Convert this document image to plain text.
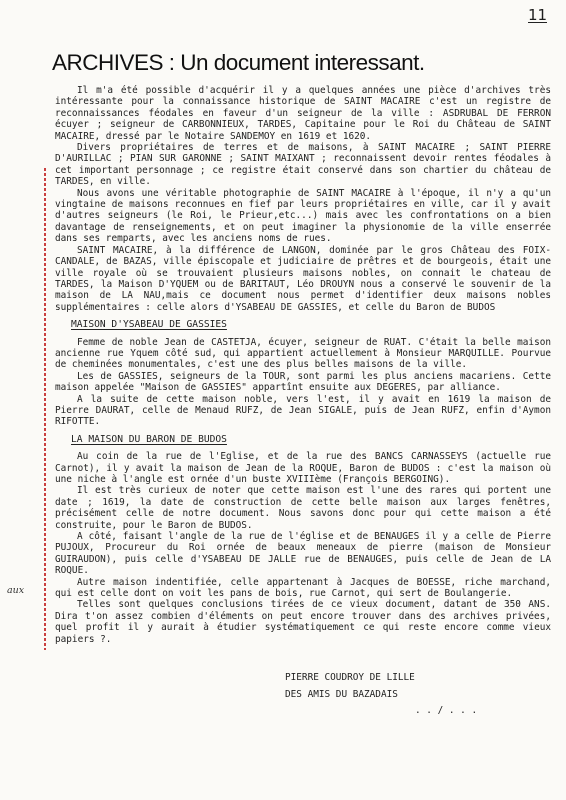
11
ARCHIVES : Un document interessant.
aux

Il m'a été possible d'acquérir il y a quelques années une pièce d'archives très intéressante pour la connaissance historique de SAINT MACAIRE c'est un registre de reconnaissances féodales en faveur d'un seigneur de la ville : ASDRUBAL DE FERRON écuyer ; seigneur de CARBONNIEUX, TARDES, Capitaine pour le Roi du Château de SAINT MACAIRE, dressé par le Notaire SANDEMOY en 1619 et 1620.

Divers propriétaires de terres et de maisons, à SAINT MACAIRE ; SAINT PIERRE D'AURILLAC ; PIAN SUR GARONNE ; SAINT MAIXANT ; reconnaissent devoir rentes féodales à cet important personnage ; ce registre était conservé dans son chartier du château de TARDES, en ville.

Nous avons une véritable photographie de SAINT MACAIRE à l'époque, il n'y a qu'un vingtaine de maisons reconnues en fief par leurs propriétaires en ville, car il y avait d'autres seigneurs (le Roi, le Prieur,etc...) mais avec les confrontations on a bien davantage de renseignements, et on peut imaginer la physionomie de la ville enserrée dans ses remparts, avec les anciens noms de rues.

SAINT MACAIRE, à la différence de LANGON, dominée par le gros Château des FOIX-CANDALE, de BAZAS, ville épiscopale et judiciaire de prêtres et de bourgeois, était une ville royale où se trouvaient plusieurs maisons nobles, on connait le chateau de TARDES, la Maison D'YQUEM ou de BARITAUT, Léo DROUYN nous a conservé le souvenir de la maison de LA NAU,mais ce document nous permet d'identifier deux maisons nobles supplémentaires : celle alors d'YSABEAU DE GASSIES, et celle du Baron de BUDOS

MAISON D'YSABEAU DE GASSIES

Femme de noble Jean de CASTETJA, écuyer, seigneur de RUAT. C'était la belle maison ancienne rue Yquem côté sud, qui appartient actuellement à Monsieur MARQUILLE. Pourvue de cheminées monumentales, c'est une des plus belles maisons de la ville.

Les de GASSIES, seigneurs de la TOUR, sont parmi les plus anciens macariens. Cette maison appelée "Maison de GASSIES" appartînt ensuite aux DEGERES, par alliance.

A la suite de cette maison noble, vers l'est, il y avait en 1619 la maison de Pierre DAURAT, celle de Menaud RUFZ, de Jean SIGALE, puis de Jean RUFZ, enfin d'Aymon RIFOTTE.

LA MAISON DU BARON DE BUDOS

Au coin de la rue de l'Eglise, et de la rue des BANCS CARNASSEYS (actuelle rue Carnot), il y avait la maison de Jean de la ROQUE, Baron de BUDOS : c'est la maison où une niche à l'angle est ornée d'un buste XVIIIème (François BERGOING).

Il est très curieux de noter que cette maison est l'une des rares qui portent une date ; 1619, la date de construction de cette belle maison aux larges fenêtres, précisément celle de notre document. Nous savons donc pour qui cette maison a été construite, pour le Baron de BUDOS.

A côté, faisant l'angle de la rue de l'église et de BENAUGES il y a celle de Pierre PUJOUX, Procureur du Roi ornée de beaux meneaux de pierre (maison de Monsieur GUIRAUDON), puis celle d'YSABEAU DE JALLE rue de BENAUGES, puis celle de Jean de LA ROQUE.

Autre maison indentifiée, celle appartenant à Jacques de BOESSE, riche marchand, qui est celle dont on voit les pans de bois, rue Carnot, qui sert de Boulangerie.

Telles sont quelques conclusions tirées de ce vieux document, datant de 350 ANS. Dira t'on assez combien d'éléments on peut encore trouver dans des archives privées, quel profit il y aurait à étudier systématiquement ce qui reste encore comme vieux papiers ?.

PIERRE COUDROY DE LILLE
DES AMIS DU BAZADAIS
. . / . . .
